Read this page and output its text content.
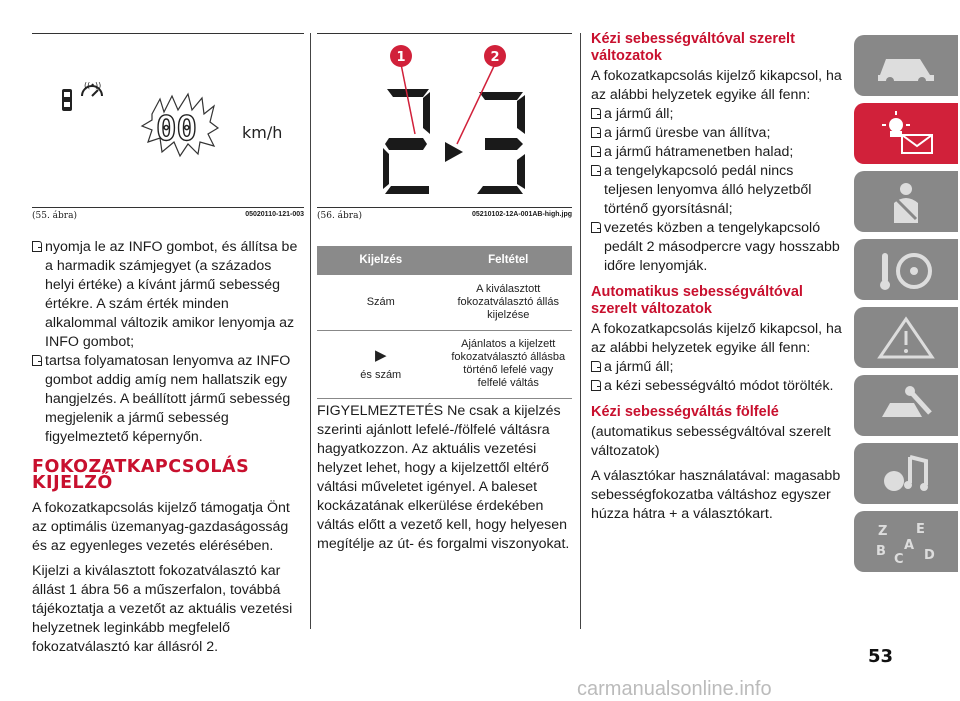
((•))
00	km/h
(55. ábra)	05020110-121-003
nyomja le az INFO gombot, és állítsa be a harmadik számjegyet (a százados helyi értéke) a kívánt jármű sebesség értékre. A szám érték minden alkalommal változik amikor lenyomja az INFO gombot;
tartsa folyamatosan lenyomva az INFO gombot addig amíg nem hallatszik egy hangjelzés. A beállított jármű sebesség megjelenik a jármű sebesség figyelmeztető képernyőn.
FOKOZATKAPCSOLÁS KIJELZŐ

A fokozatkapcsolás kijelző támogatja Önt az optimális üzemanyag-gazdaságosság és az egyenleges vezetés elérésében.

Kijelzi a kiválasztott fokozatválasztó kar állást 1 ábra 56 a műszerfalon, továbbá tájékoztatja a vezetőt az aktuális vezetési helyzetnek leginkább megfelelő fokozatválasztó kar állásról 2.

1	2
(56. ábra)	05210102-12A-001AB-high.jpg
Kijelzés	Feltétel
Szám	A kiválasztott fokozatválasztó állás kijelzése

▶
és szám	Ajánlatos a kijelzett fokozatválasztó állásba történő lefelé vagy felfelé váltás

FIGYELMEZTETÉS Ne csak a kijelzés szerinti ajánlott lefelé-/fölfelé váltásra hagyatkozzon. Az aktuális vezetési helyzet lehet, hogy a kijelzettől eltérő váltási műveletet igényel. A baleset kockázatának elkerülése érdekében váltás előtt a vezető kell, hogy helyesen megítélje az út- és forgalmi viszonyokat.

Kézi sebességváltóval szerelt változatok

A fokozatkapcsolás kijelző kikapcsol, ha az alábbi helyzetek egyike áll fenn:

a jármű áll;
a jármű üresbe van állítva;
a jármű hátramenetben halad;
a tengelykapcsoló pedál nincs teljesen lenyomva álló helyzetből történő gyorsításnál;
vezetés közben a tengelykapcsoló pedált 2 másodpercre vagy hosszabb időre lenyomják.
Automatikus sebességváltóval szerelt változatok

A fokozatkapcsolás kijelző kikapcsol, ha az alábbi helyzetek egyike áll fenn:

a jármű áll;
a kézi sebességváltó módot törölték.
Kézi sebességváltás fölfelé

(automatikus sebességváltóval szerelt változatok)

A választókar használatával: magasabb sebességfokozatba váltáshoz egyszer húzza hátra + a választókart.

Z E
B
C
A
D
53
carmanualsonline.info
